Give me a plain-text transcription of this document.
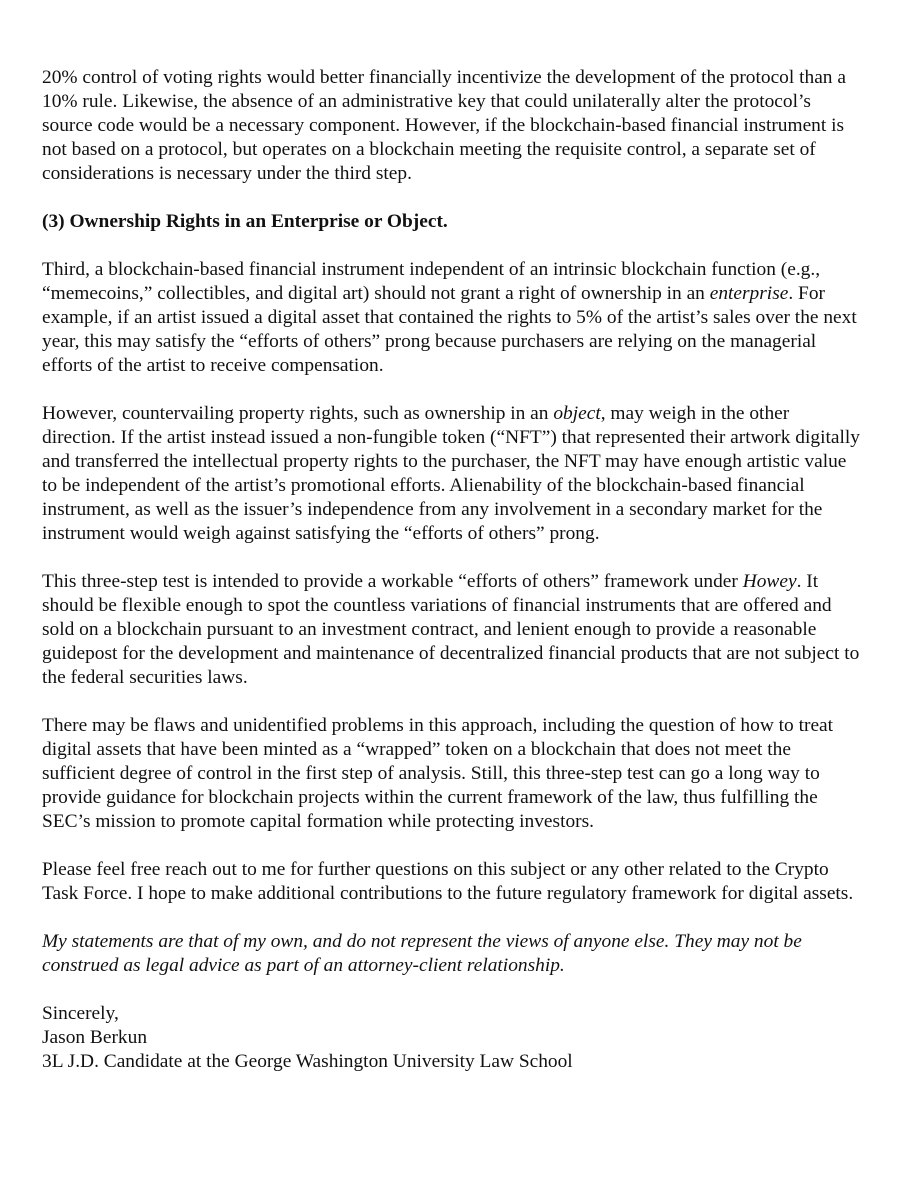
20% control of voting rights would better financially incentivize the development of the protocol than a 10% rule. Likewise, the absence of an administrative key that could unilaterally alter the protocol’s source code would be a necessary component. However, if the blockchain-based financial instrument is not based on a protocol, but operates on a blockchain meeting the requisite control, a separate set of considerations is necessary under the third step.

(3) Ownership Rights in an Enterprise or Object.

Third, a blockchain-based financial instrument independent of an intrinsic blockchain function (e.g., “memecoins,” collectibles, and digital art) should not grant a right of ownership in an enterprise. For example, if an artist issued a digital asset that contained the rights to 5% of the artist’s sales over the next year, this may satisfy the “efforts of others” prong because purchasers are relying on the managerial efforts of the artist to receive compensation.

However, countervailing property rights, such as ownership in an object, may weigh in the other direction. If the artist instead issued a non-fungible token (“NFT”) that represented their artwork digitally and transferred the intellectual property rights to the purchaser, the NFT may have enough artistic value to be independent of the artist’s promotional efforts. Alienability of the blockchain-based financial instrument, as well as the issuer’s independence from any involvement in a secondary market for the instrument would weigh against satisfying the “efforts of others” prong.

This three-step test is intended to provide a workable “efforts of others” framework under Howey. It should be flexible enough to spot the countless variations of financial instruments that are offered and sold on a blockchain pursuant to an investment contract, and lenient enough to provide a reasonable guidepost for the development and maintenance of decentralized financial products that are not subject to the federal securities laws.

There may be flaws and unidentified problems in this approach, including the question of how to treat digital assets that have been minted as a “wrapped” token on a blockchain that does not meet the sufficient degree of control in the first step of analysis. Still, this three-step test can go a long way to provide guidance for blockchain projects within the current framework of the law, thus fulfilling the SEC’s mission to promote capital formation while protecting investors.

Please feel free reach out to me for further questions on this subject or any other related to the Crypto Task Force. I hope to make additional contributions to the future regulatory framework for digital assets.

My statements are that of my own, and do not represent the views of anyone else. They may not be construed as legal advice as part of an attorney-client relationship.

Sincerely,
Jason Berkun
3L J.D. Candidate at the George Washington University Law School
